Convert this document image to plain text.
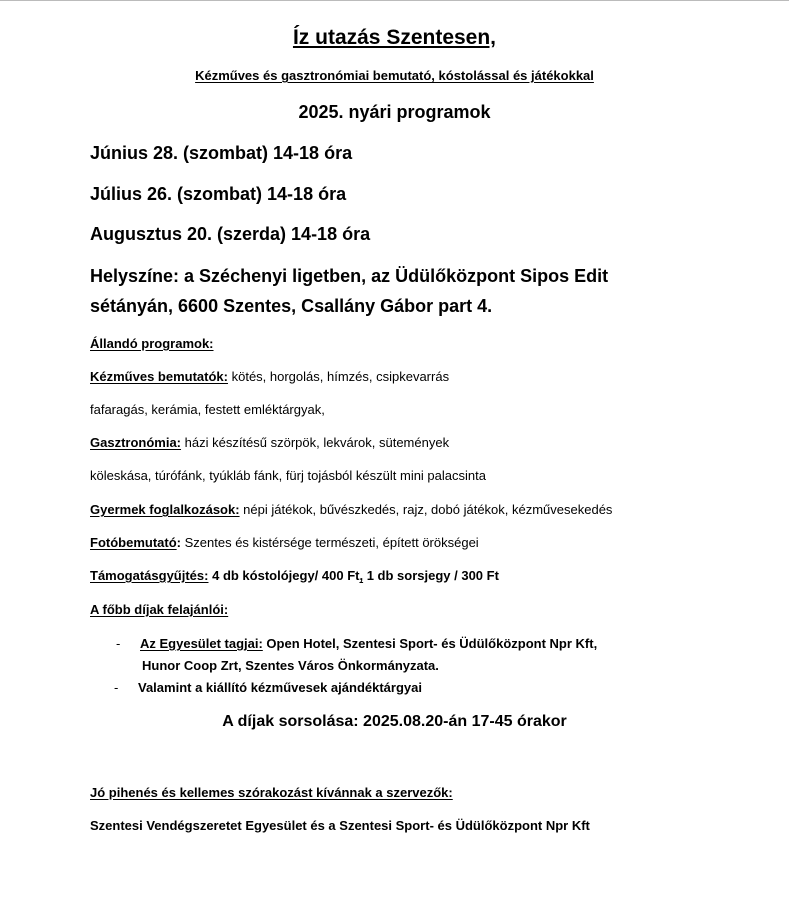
Íz utazás Szentesen,
Kézműves és gasztronómiai bemutató, kóstolással és játékokkal
2025. nyári programok
Június 28. (szombat) 14-18 óra
Július 26. (szombat) 14-18 óra
Augusztus 20. (szerda) 14-18 óra
Helyszíne: a Széchenyi ligetben, az Üdülőközpont Sipos Edit
sétányán, 6600 Szentes, Csallány Gábor part 4.
Állandó programok:
Kézműves bemutatók: kötés, horgolás, hímzés, csipkevarrás
fafaragás, kerámia, festett emléktárgyak,
Gasztronómia: házi készítésű szörpök, lekvárok, sütemények
köleskása, túrófánk, tyúkláb fánk, fürj tojásból készült mini palacsinta
Gyermek foglalkozások: népi játékok, bűvészkedés, rajz, dobó játékok, kézművesekedés
Fotóbemutató: Szentes és kistérsége természeti, épített örökségei
Támogatásgyűjtés: 4 db kóstolójegy/ 400 Ft, 1 db sorsjegy / 300 Ft
A főbb díjak felajánlói:
- Az Egyesület tagjai: Open Hotel, Szentesi Sport- és Üdülőközpont Npr Kft,
Hunor Coop Zrt, Szentes Város Önkormányzata.
- Valamint a kiállító kézművesek ajándéktárgyai
A díjak sorsolása: 2025.08.20-án 17-45 órakor
Jó pihenés és kellemes szórakozást kívánnak a szervezők:
Szentesi Vendégszeretet Egyesület és a Szentesi Sport- és Üdülőközpont Npr Kft
